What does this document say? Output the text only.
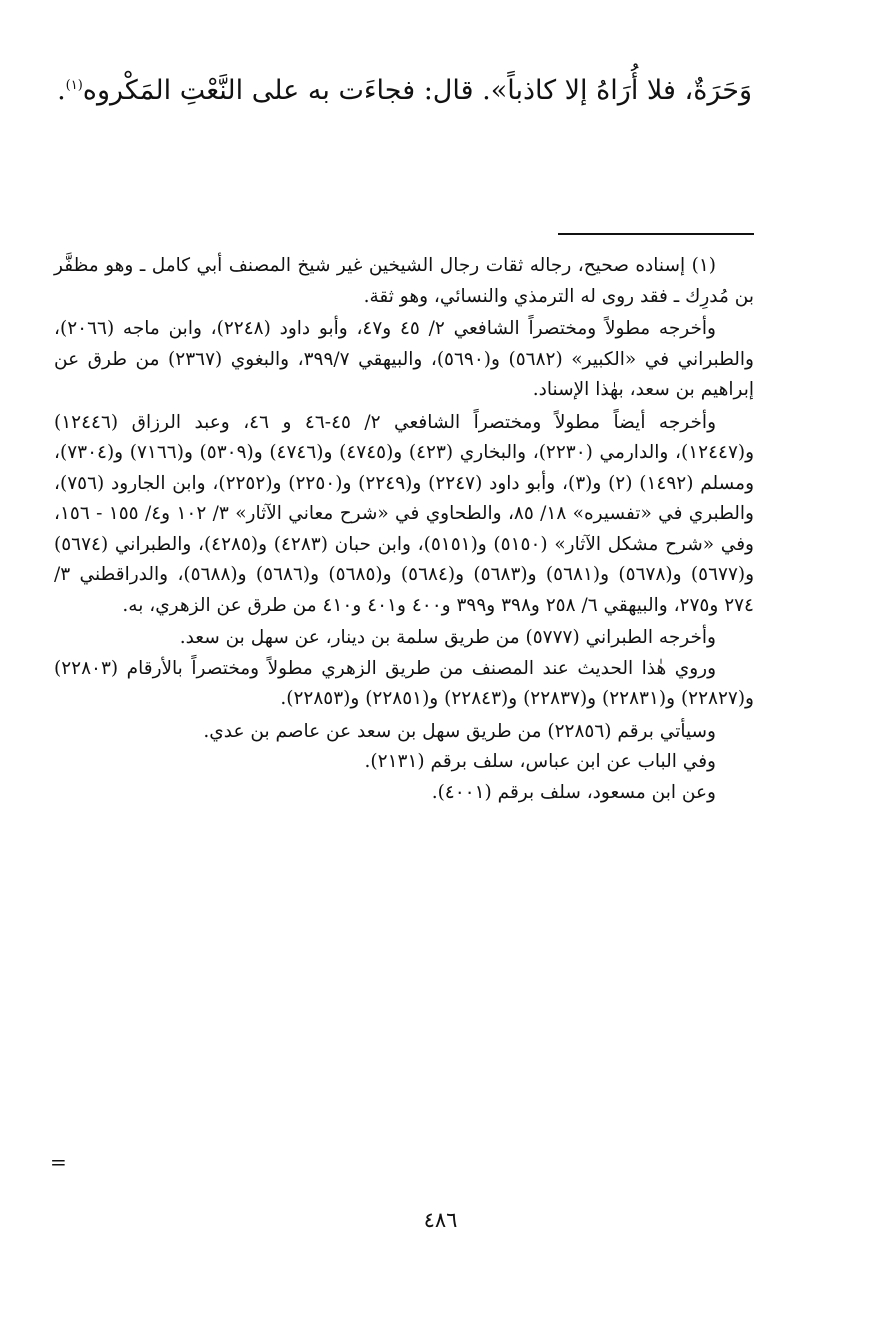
وَحَرَةٌ، فلا أُرَاهُ إلا كاذباً». قال: فجاءَت به على النَّعْتِ المَكْروه$^{(١)}$.

(١) إسناده صحيح، رجاله ثقات رجال الشيخين غير شيخ المصنف أبي كامل ـ وهو مظفَّر بن مُدرِك ـ فقد روى له الترمذي والنسائي، وهو ثقة.

وأخرجه مطولاً ومختصراً الشافعي ٢/ ٤٥ و٤٧، وأبو داود (٢٢٤٨)، وابن ماجه (٢٠٦٦)، والطبراني في «الكبير» (٥٦٨٢) و(٥٦٩٠)، والبيهقي ٣٩٩/٧، والبغوي (٢٣٦٧) من طرق عن إبراهيم بن سعد، بهٰذا الإسناد.

وأخرجه أيضاً مطولاً ومختصراً الشافعي ٢/ ٤٥-٤٦ و ٤٦، وعبد الرزاق (١٢٤٤٦) و(١٢٤٤٧)، والدارمي (٢٢٣٠)، والبخاري (٤٢٣) و(٤٧٤٥) و(٤٧٤٦) و(٥٣٠٩) و(٧١٦٦) و(٧٣٠٤)، ومسلم (١٤٩٢) (٢) و(٣)، وأبو داود (٢٢٤٧) و(٢٢٤٩) و(٢٢٥٠) و(٢٢٥٢)، وابن الجارود (٧٥٦)، والطبري في «تفسيره» ١٨/ ٨٥، والطحاوي في «شرح معاني الآثار» ٣/ ١٠٢ و٤/ ١٥٥ - ١٥٦، وفي «شرح مشكل الآثار» (٥١٥٠) و(٥١٥١)، وابن حبان (٤٢٨٣) و(٤٢٨٥)، والطبراني (٥٦٧٤) و(٥٦٧٧) و(٥٦٧٨) و(٥٦٨١) و(٥٦٨٣) و(٥٦٨٤) و(٥٦٨٥) و(٥٦٨٦) و(٥٦٨٨)، والدراقطني ٣/ ٢٧٤ و٢٧٥، والبيهقي ٦/ ٢٥٨ و٣٩٨ و٣٩٩ و٤٠٠ و٤٠١ و٤١٠ من طرق عن الزهري، به.

وأخرجه الطبراني (٥٧٧٧) من طريق سلمة بن دينار، عن سهل بن سعد.

وروي هٰذا الحديث عند المصنف من طريق الزهري مطولاً ومختصراً بالأرقام (٢٢٨٠٣) و(٢٢٨٢٧) و(٢٢٨٣١) و(٢٢٨٣٧) و(٢٢٨٤٣) و(٢٢٨٥١) و(٢٢٨٥٣).

وسيأتي برقم (٢٢٨٥٦) من طريق سهل بن سعد عن عاصم بن عدي.

وفي الباب عن ابن عباس، سلف برقم (٢١٣١).

وعن ابن مسعود، سلف برقم (٤٠٠١).

=
٤٨٦
